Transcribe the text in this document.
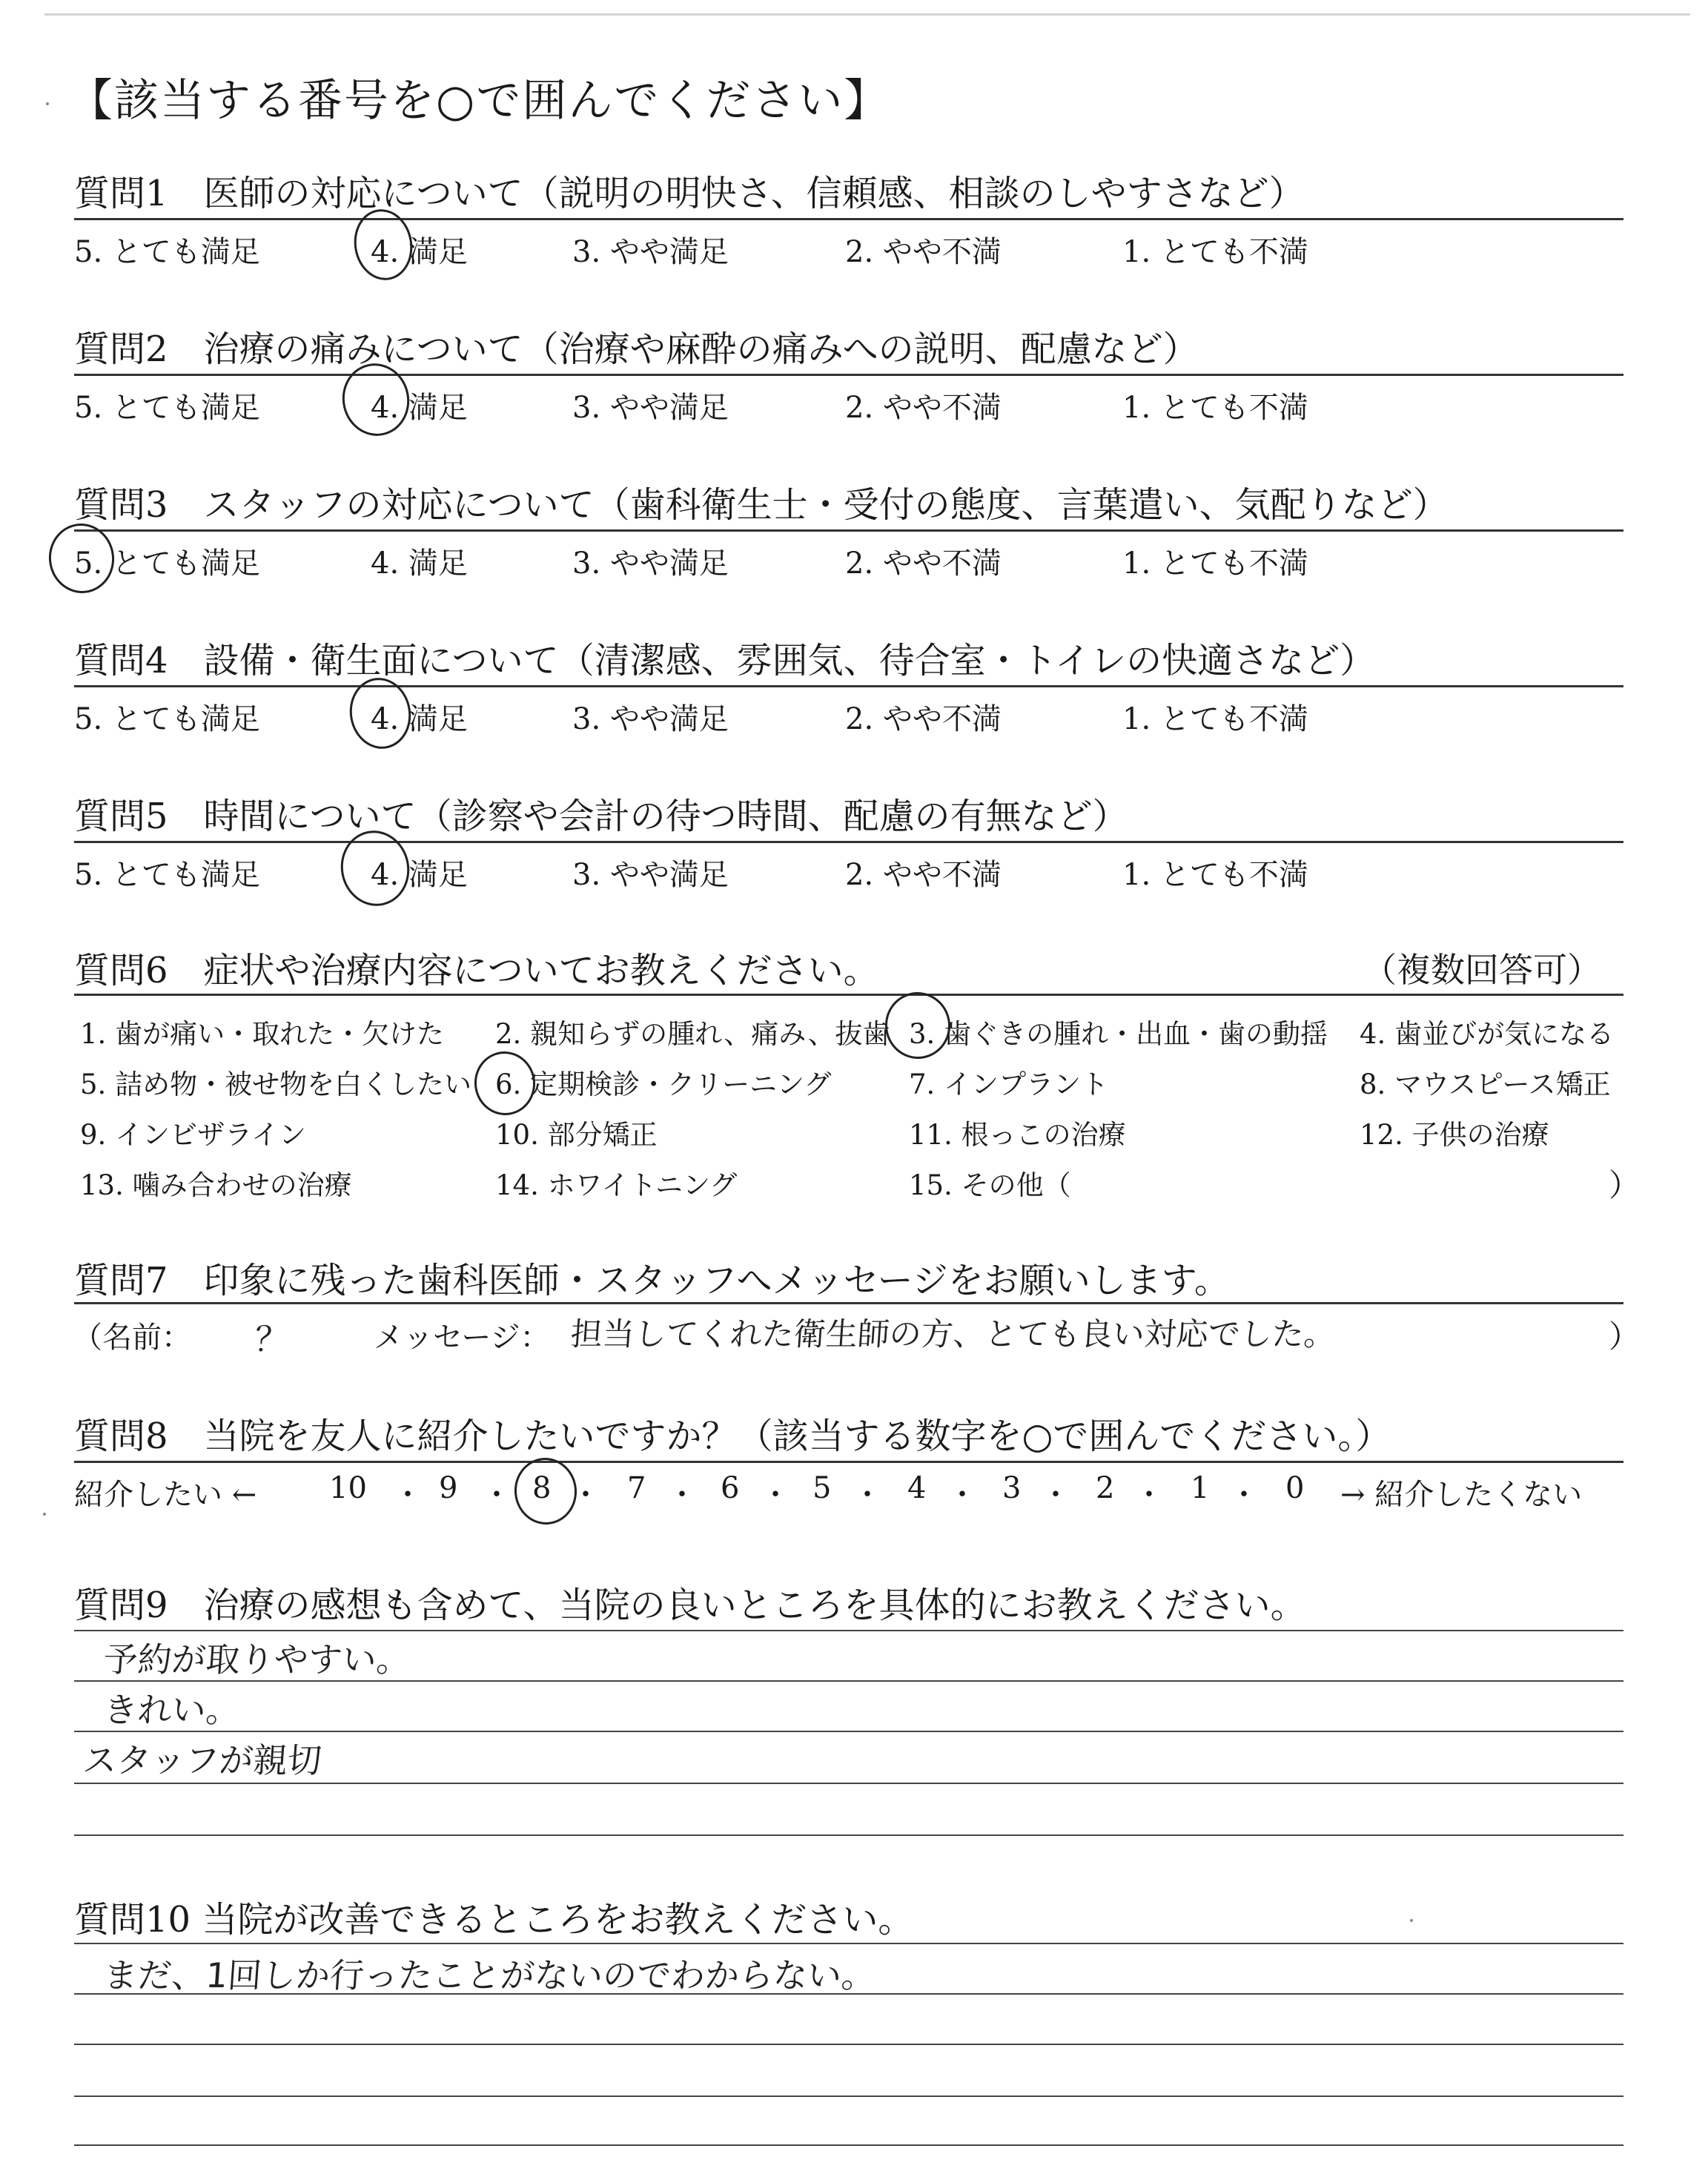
【該当する番号を○で囲んでください】
質問1　医師の対応について（説明の明快さ、信頼感、相談のしやすさなど）
5. とても満足	4. 満足	3. やや満足	2. やや不満	1. とても不満
質問2　治療の痛みについて（治療や麻酔の痛みへの説明、配慮など）
5. とても満足	4. 満足	3. やや満足	2. やや不満	1. とても不満
質問3　スタッフの対応について（歯科衛生士・受付の態度、言葉遣い、気配りなど）
5. とても満足	4. 満足	3. やや満足	2. やや不満	1. とても不満
質問4　設備・衛生面について（清潔感、雰囲気、待合室・トイレの快適さなど）
5. とても満足	4. 満足	3. やや満足	2. やや不満	1. とても不満
質問5　時間について（診察や会計の待つ時間、配慮の有無など）
5. とても満足	4. 満足	3. やや満足	2. やや不満	1. とても不満
質問6　症状や治療内容についてお教えください。	（複数回答可）
1. 歯が痛い・取れた・欠けた 2. 親知らずの腫れ、痛み、抜歯 3. 歯ぐきの腫れ・出血・歯の動揺 4. 歯並びが気になる
5. 詰め物・被せ物を白くしたい 6. 定期検診・クリーニング	7. インプラント	8. マウスピース矯正
9. インビザライン	10. 部分矯正	11. 根っこの治療	12. 子供の治療
13. 噛み合わせの治療	14. ホワイトニング	15. その他（	）
質問7　印象に残った歯科医師・スタッフへメッセージをお願いします。
（名前： ？	メッセージ： 担当してくれた衛生師の方、とても良い対応でした。	）
質問8　当院を友人に紹介したいですか？（該当する数字を○で囲んでください。）
紹介したい ←	→ 紹介したくない
10 ・ 9 ・ 8 ・ 7 ・ 6 ・ 5 ・ 4 ・ 3 ・ 2 ・ 1 ・ 0
質問9　治療の感想も含めて、当院の良いところを具体的にお教えください。
予約が取りやすい。
きれい。
スタッフが親切
質問10 当院が改善できるところをお教えください。
まだ、1回しか行ったことがないのでわからない。
